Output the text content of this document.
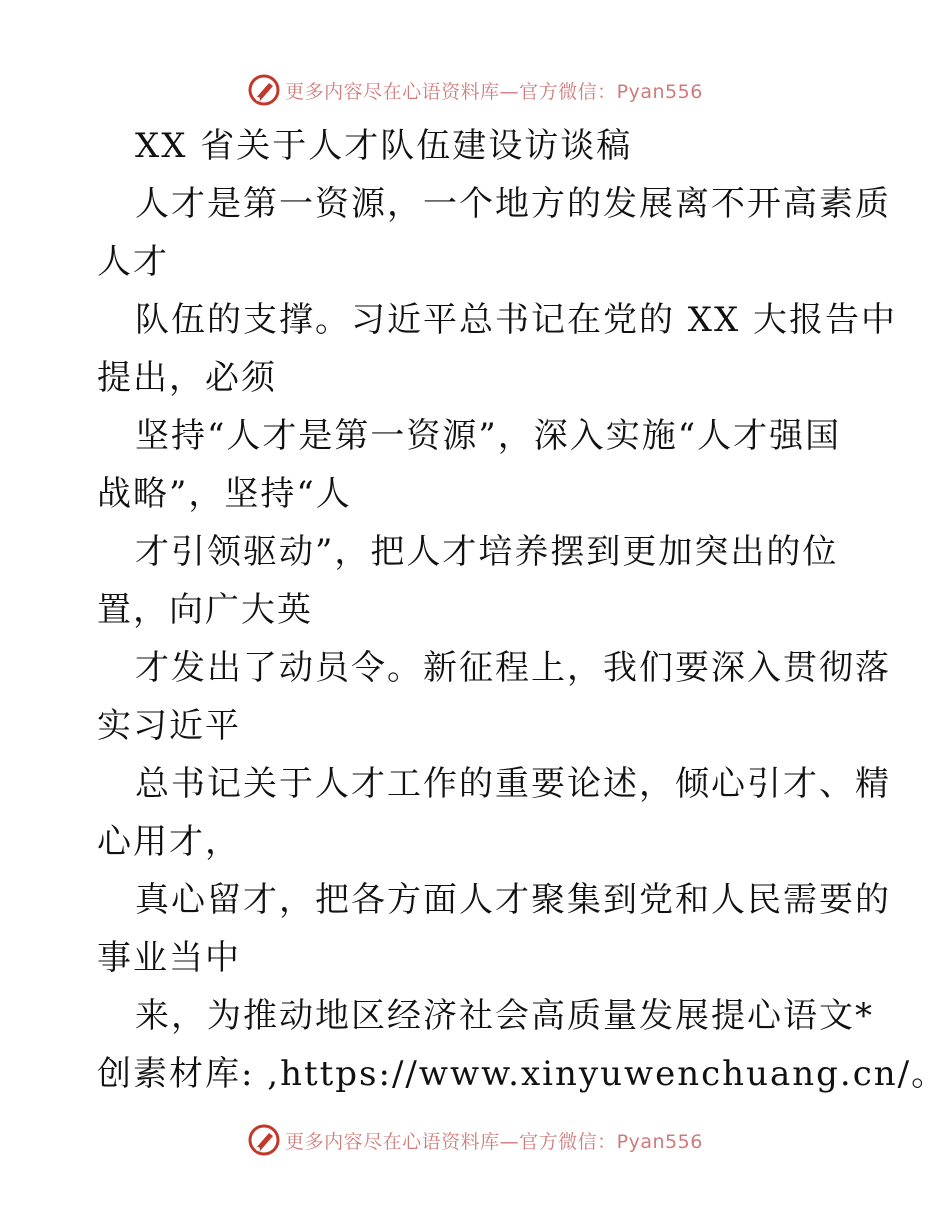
更多内容尽在心语资料库—官方微信：Pyan556
XX 省关于人才队伍建设访谈稿
人才是第一资源，一个地方的发展离不开高素质
人才
队伍的支撑。习近平总书记在党的 XX 大报告中
提出，必须
坚持“人才是第一资源”，深入实施“人才强国
战略”，坚持“人
才引领驱动”，把人才培养摆到更加突出的位
置，向广大英
才发出了动员令。新征程上，我们要深入贯彻落
实习近平
总书记关于人才工作的重要论述，倾心引才、精
心用才，
真心留才，把各方面人才聚集到党和人民需要的
事业当中
来，为推动地区经济社会高质量发展提心语文*
创素材库: ,https://www.xinyuwenchuang.cn/。
更多内容尽在心语资料库—官方微信：Pyan556
